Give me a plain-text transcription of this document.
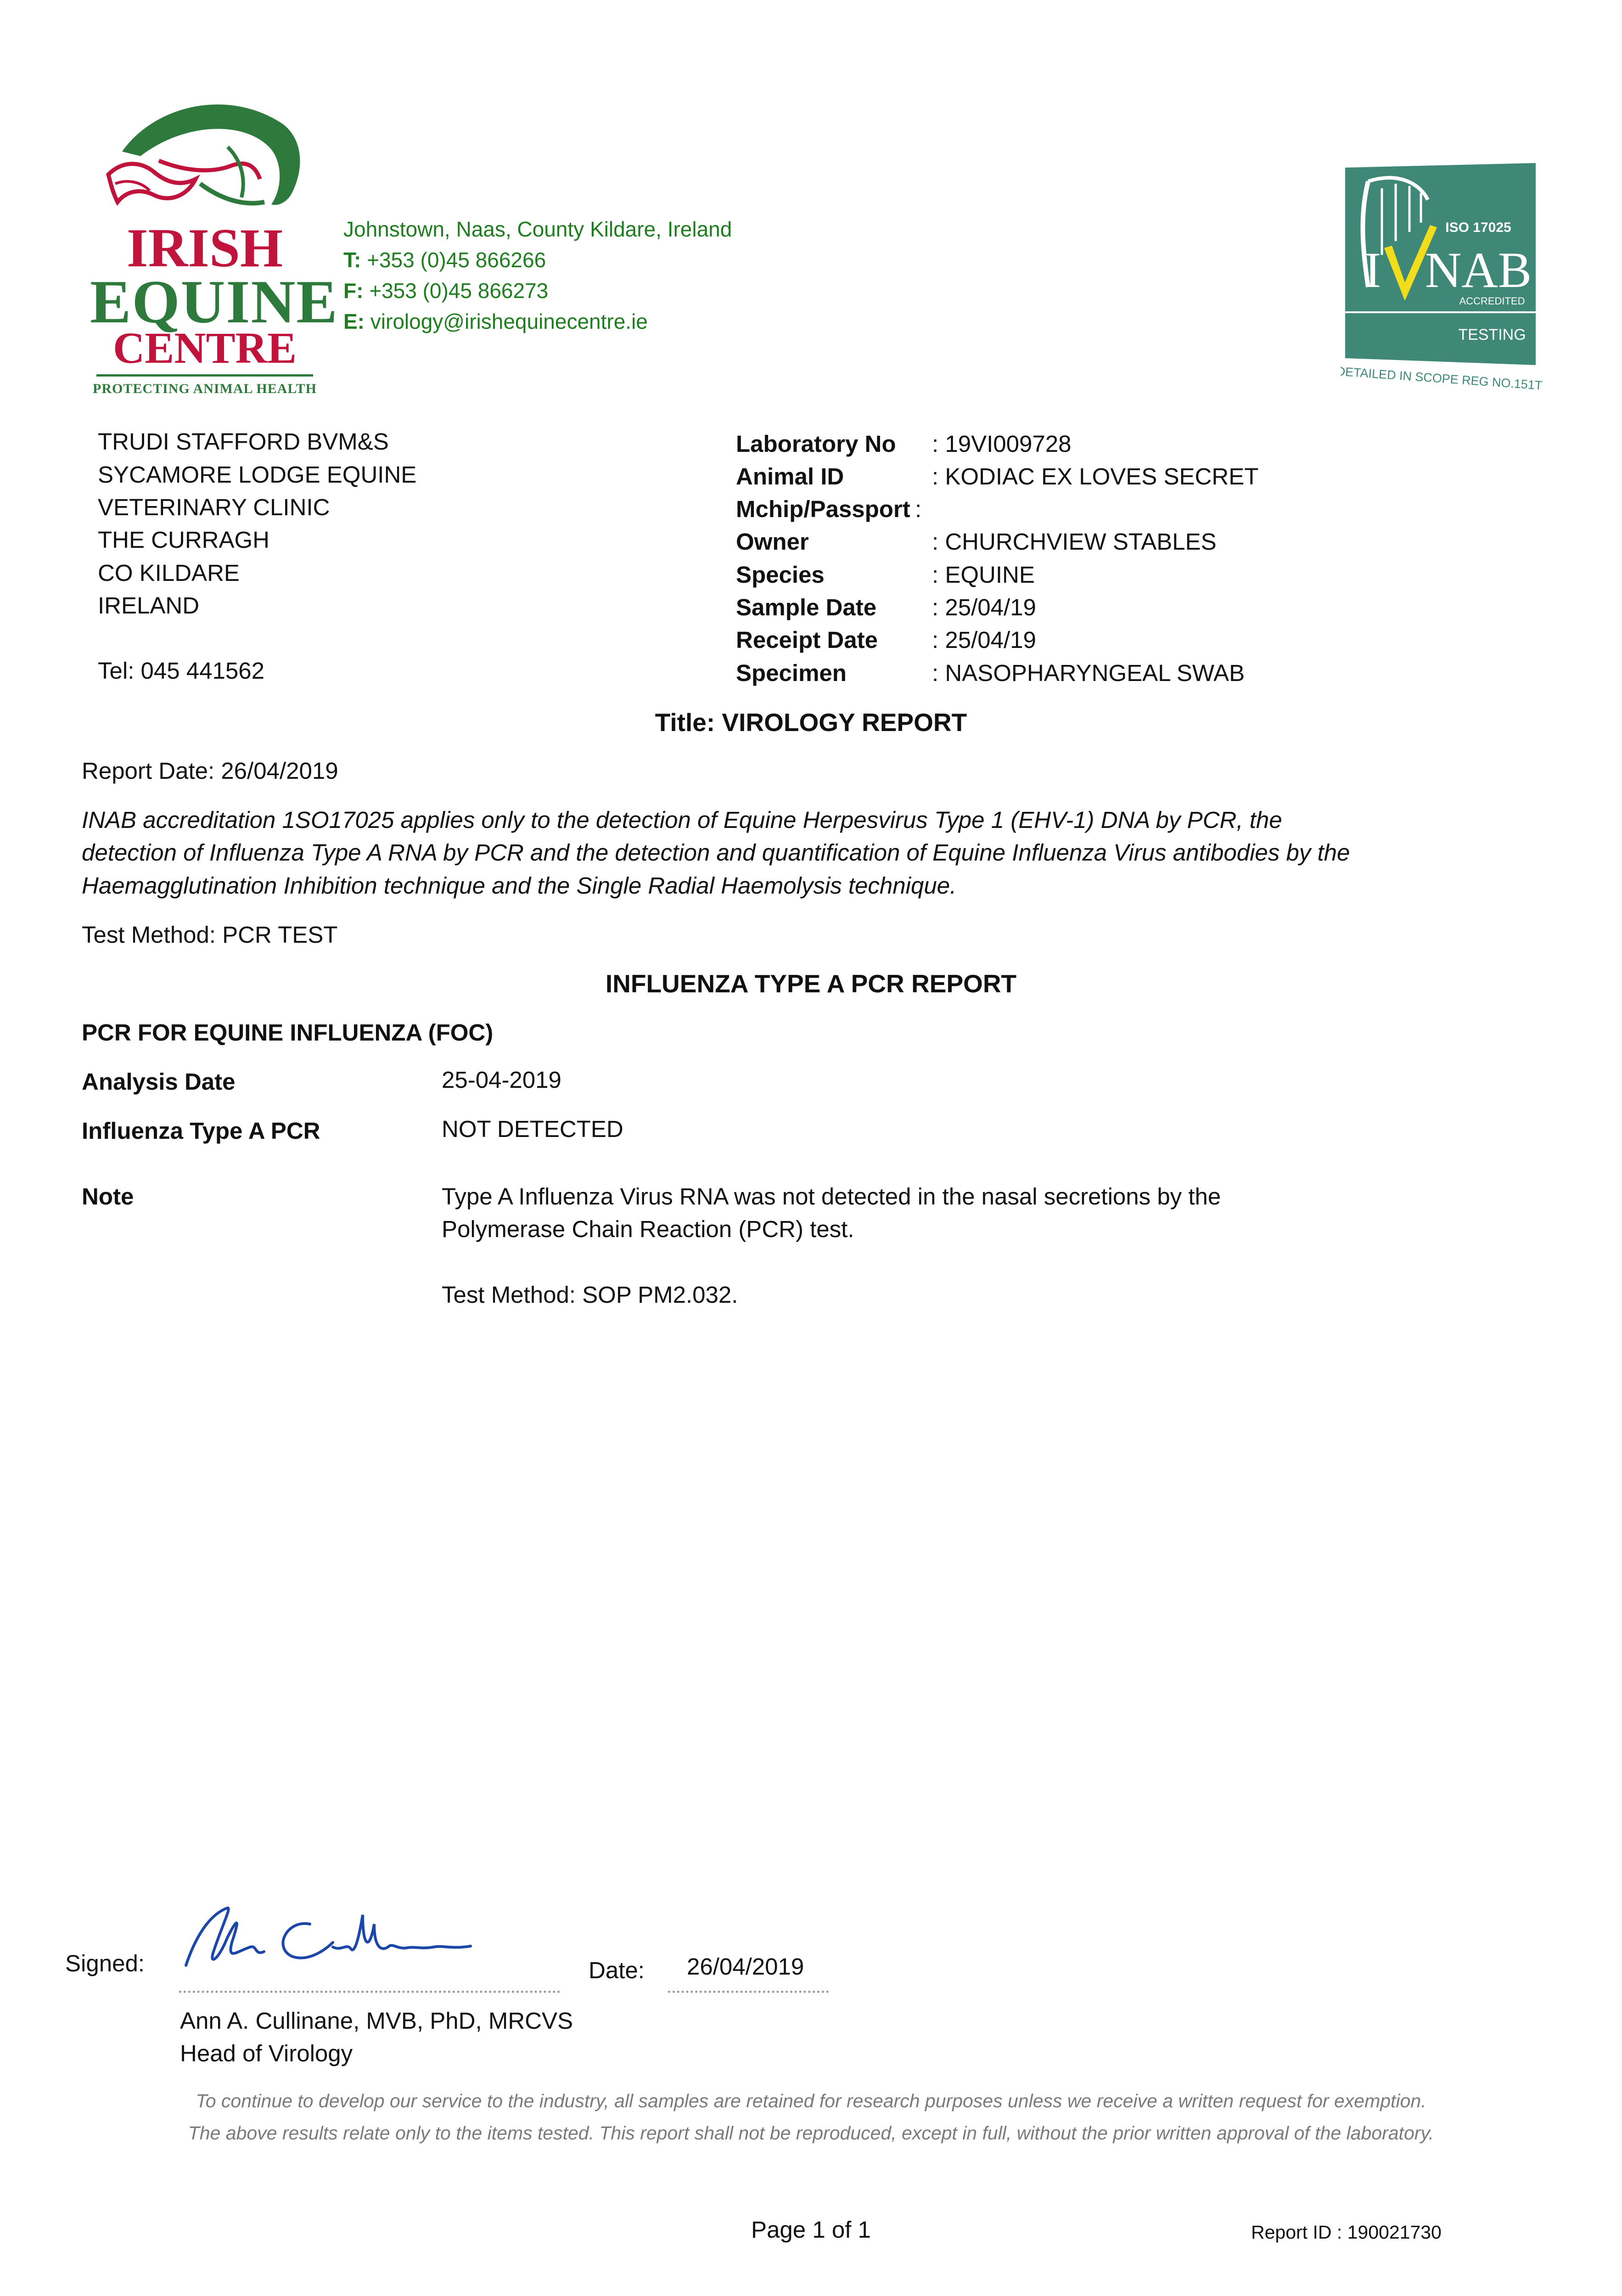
IRISH
EQUINE
CENTRE
PROTECTING ANIMAL HEALTH
Johnstown, Naas, County Kildare, Ireland
T: +353 (0)45 866266
F: +353 (0)45 866273
E: virology@irishequinecentre.ie
ISO 17025
I NAB
ACCREDITED
TESTING
DETAILED IN SCOPE REG NO.151T
TRUDI STAFFORD BVM&S
SYCAMORE LODGE EQUINE
VETERINARY CLINIC
THE CURRAGH
CO KILDARE
IRELAND
Tel: 045 441562
Laboratory No	: 19VI009728
Animal ID	: KODIAC EX LOVES SECRET
Mchip/Passport :
Owner	: CHURCHVIEW STABLES
Species	: EQUINE
Sample Date	: 25/04/19
Receipt Date	: 25/04/19
Specimen	: NASOPHARYNGEAL SWAB
Title: VIROLOGY REPORT
Report Date: 26/04/2019
INAB accreditation 1SO17025 applies only to the detection of Equine Herpesvirus Type 1 (EHV-1) DNA by PCR, the
detection of Influenza Type A RNA by PCR and the detection and quantification of Equine Influenza Virus antibodies by the
Haemagglutination Inhibition technique and the Single Radial Haemolysis technique.
Test Method: PCR TEST
INFLUENZA TYPE A PCR REPORT
PCR FOR EQUINE INFLUENZA (FOC)
Analysis Date	25-04-2019
Influenza Type A PCR	NOT DETECTED
Note	Type A Influenza Virus RNA was not detected in the nasal secretions by the
Polymerase Chain Reaction (PCR) test.
Test Method: SOP PM2.032.
Signed:	Date: 26/04/2019
Ann A. Cullinane, MVB, PhD, MRCVS
Head of Virology
To continue to develop our service to the industry, all samples are retained for research purposes unless we receive a written request for exemption.
The above results relate only to the items tested. This report shall not be reproduced, except in full, without the prior written approval of the laboratory.
Page 1 of 1	Report ID : 190021730
